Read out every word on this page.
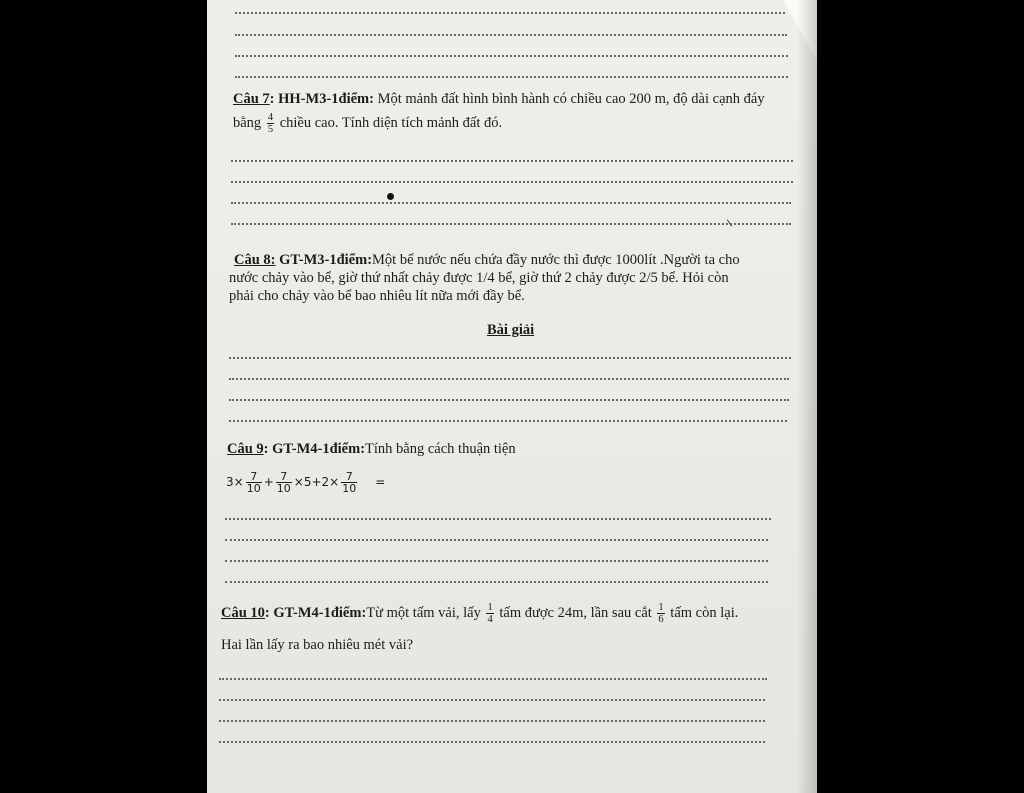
Câu 7: HH-M3-1điểm: Một mảnh đất hình bình hành có chiều cao 200 m, độ dài cạnh đáy
bằng $\frac{4}{5}$ chiều cao. Tính diện tích mảnh đất đó.
Câu 8: GT-M3-1điểm:Một bể nước nếu chứa đầy nước thì được 1000lít .Người ta cho
nước chảy vào bể, giờ thứ nhất chảy được 1/4 bể, giờ thứ 2 chảy được 2/5 bể. Hỏi còn
phải cho chảy vào bể bao nhiêu lít nữa mới đầy bể.
Bài giải
Câu 9: GT-M4-1điểm:Tính bằng cách thuận tiện
$3\times \frac{7}{10} + \frac{7}{10} \times 5+2\times \frac{7}{10}$ =
Câu 10: GT-M4-1điểm:Từ một tấm vải, lấy $\frac{1}{4}$ tấm được 24m, lần sau cắt $\frac{1}{6}$ tấm còn lại.
Hai lần lấy ra bao nhiêu mét vải?
